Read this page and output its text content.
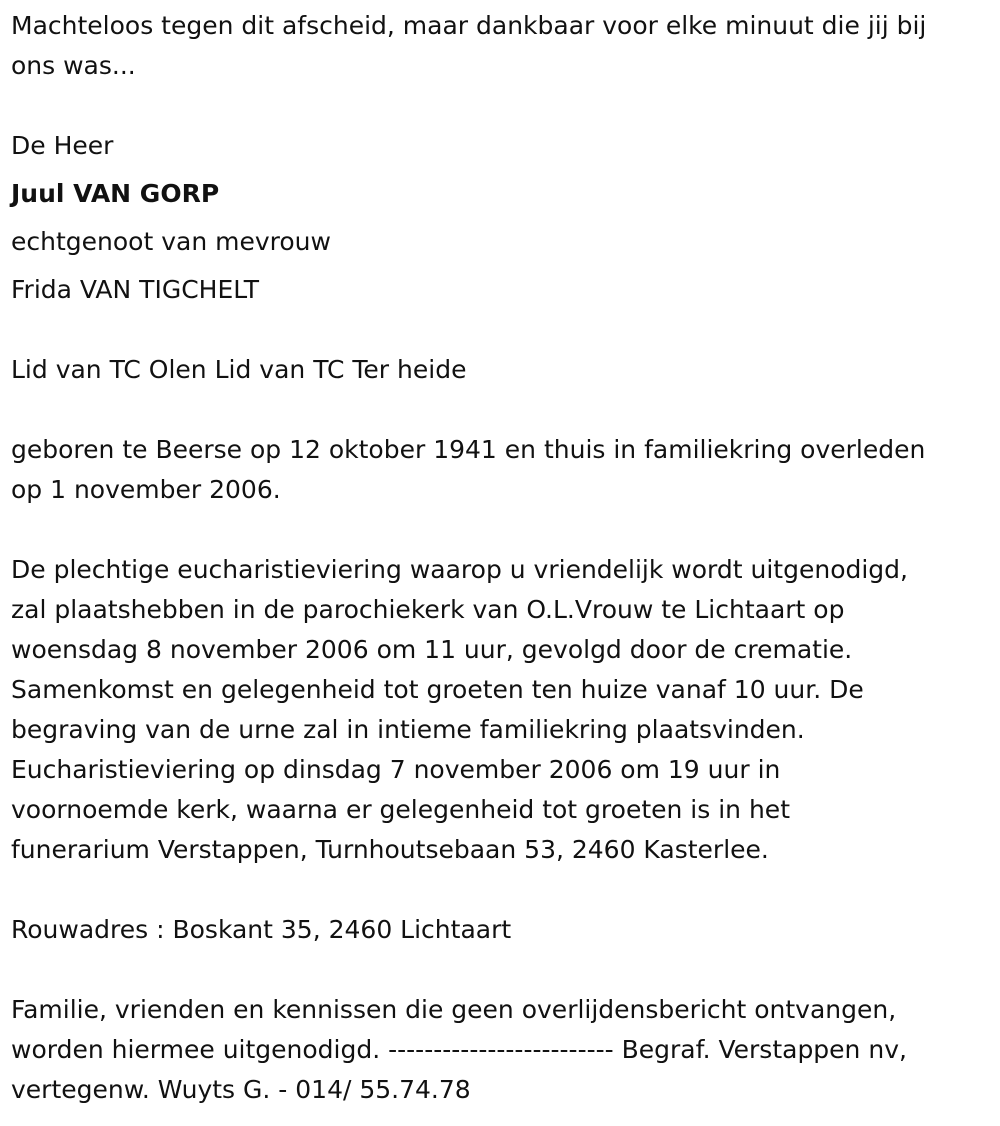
Machteloos tegen dit afscheid, maar dankbaar voor elke minuut die jij bij
ons was...
De Heer
Juul VAN GORP
echtgenoot van mevrouw
Frida VAN TIGCHELT
Lid van TC Olen Lid van TC Ter heide
geboren te Beerse op 12 oktober 1941 en thuis in familiekring overleden
op 1 november 2006.
De plechtige eucharistieviering waarop u vriendelijk wordt uitgenodigd,
zal plaatshebben in de parochiekerk van O.L.Vrouw te Lichtaart op
woensdag 8 november 2006 om 11 uur, gevolgd door de crematie.
Samenkomst en gelegenheid tot groeten ten huize vanaf 10 uur. De
begraving van de urne zal in intieme familiekring plaatsvinden.
Eucharistieviering op dinsdag 7 november 2006 om 19 uur in
voornoemde kerk, waarna er gelegenheid tot groeten is in het
funerarium Verstappen, Turnhoutsebaan 53, 2460 Kasterlee.
Rouwadres : Boskant 35, 2460 Lichtaart
Familie, vrienden en kennissen die geen overlijdensbericht ontvangen,
worden hiermee uitgenodigd. ------------------------- Begraf. Verstappen nv,
vertegenw. Wuyts G. - 014/ 55.74.78
